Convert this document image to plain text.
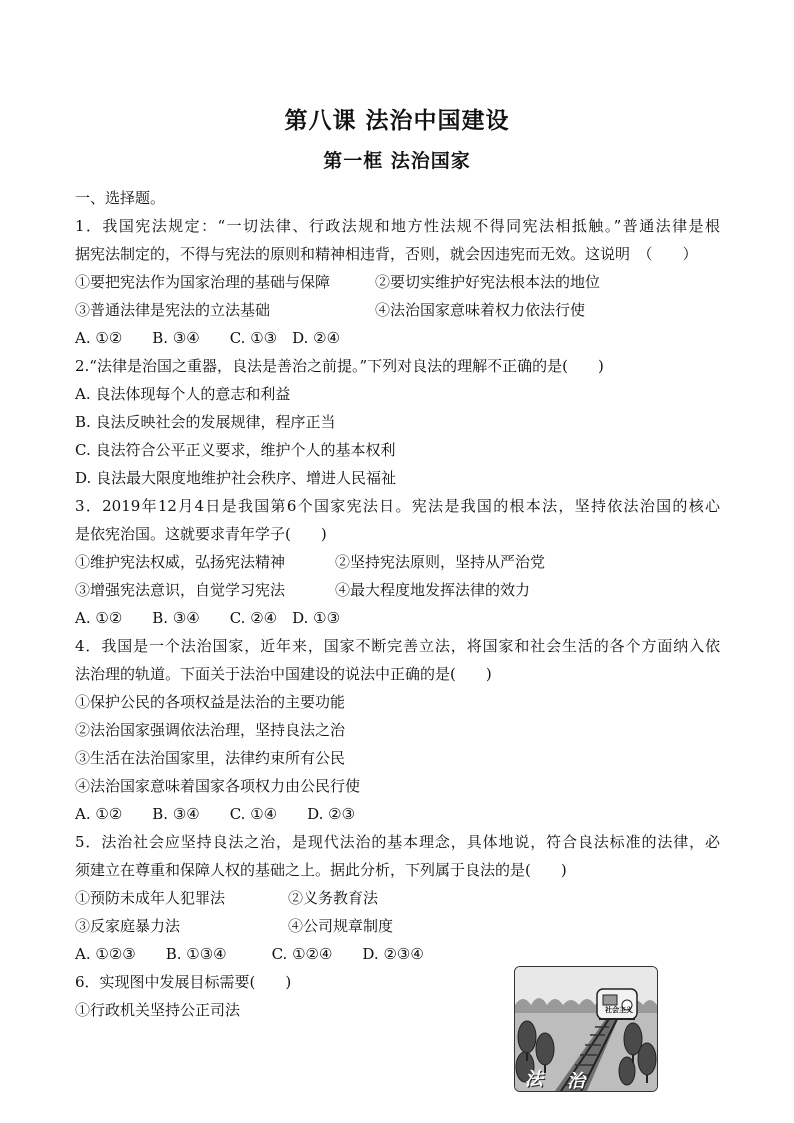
第八课 法治中国建设
第一框 法治国家
一、选择题。
1．我国宪法规定：“一切法律、行政法规和地方性法规不得同宪法相抵触。”普通法律是根
据宪法制定的，不得与宪法的原则和精神相违背，否则，就会因违宪而无效。这说明　（　　）
①要把宪法作为国家治理的基础与保障	②要切实维护好宪法根本法的地位
③普通法律是宪法的立法基础	④法治国家意味着权力依法行使
A. ①②　　B. ③④　　C. ①③　D. ②④
2.“法律是治国之重器，良法是善治之前提。”下列对良法的理解不正确的是(　　)
A. 良法体现每个人的意志和利益
B. 良法反映社会的发展规律，程序正当
C. 良法符合公平正义要求，维护个人的基本权利
D. 良法最大限度地维护社会秩序、增进人民福祉
3．2019年12月4日是我国第6个国家宪法日。宪法是我国的根本法，坚持依法治国的核心
是依宪治国。这就要求青年学子(　　)
①维护宪法权威，弘扬宪法精神	②坚持宪法原则，坚持从严治党
③增强宪法意识，自觉学习宪法	④最大程度地发挥法律的效力
A. ①②　　B. ③④　　C. ②④　D. ①③
4．我国是一个法治国家，近年来，国家不断完善立法，将国家和社会生活的各个方面纳入依
法治理的轨道。下面关于法治中国建设的说法中正确的是(　　)
①保护公民的各项权益是法治的主要功能
②法治国家强调依法治理，坚持良法之治
③生活在法治国家里，法律约束所有公民
④法治国家意味着国家各项权力由公民行使
A. ①②　　B. ③④　　C. ①④　　D. ②③
5．法治社会应坚持良法之治，是现代法治的基本理念，具体地说，符合良法标准的法律，必
须建立在尊重和保障人权的基础之上。据此分析，下列属于良法的是(　　)
①预防未成年人犯罪法	②义务教育法
③反家庭暴力法	④公司规章制度
A. ①②③　　B. ①③④　　　C. ①②④　　D. ②③④
6．实现图中发展目标需要(　　)
①行政机关坚持公正司法	社会主义
法 治
